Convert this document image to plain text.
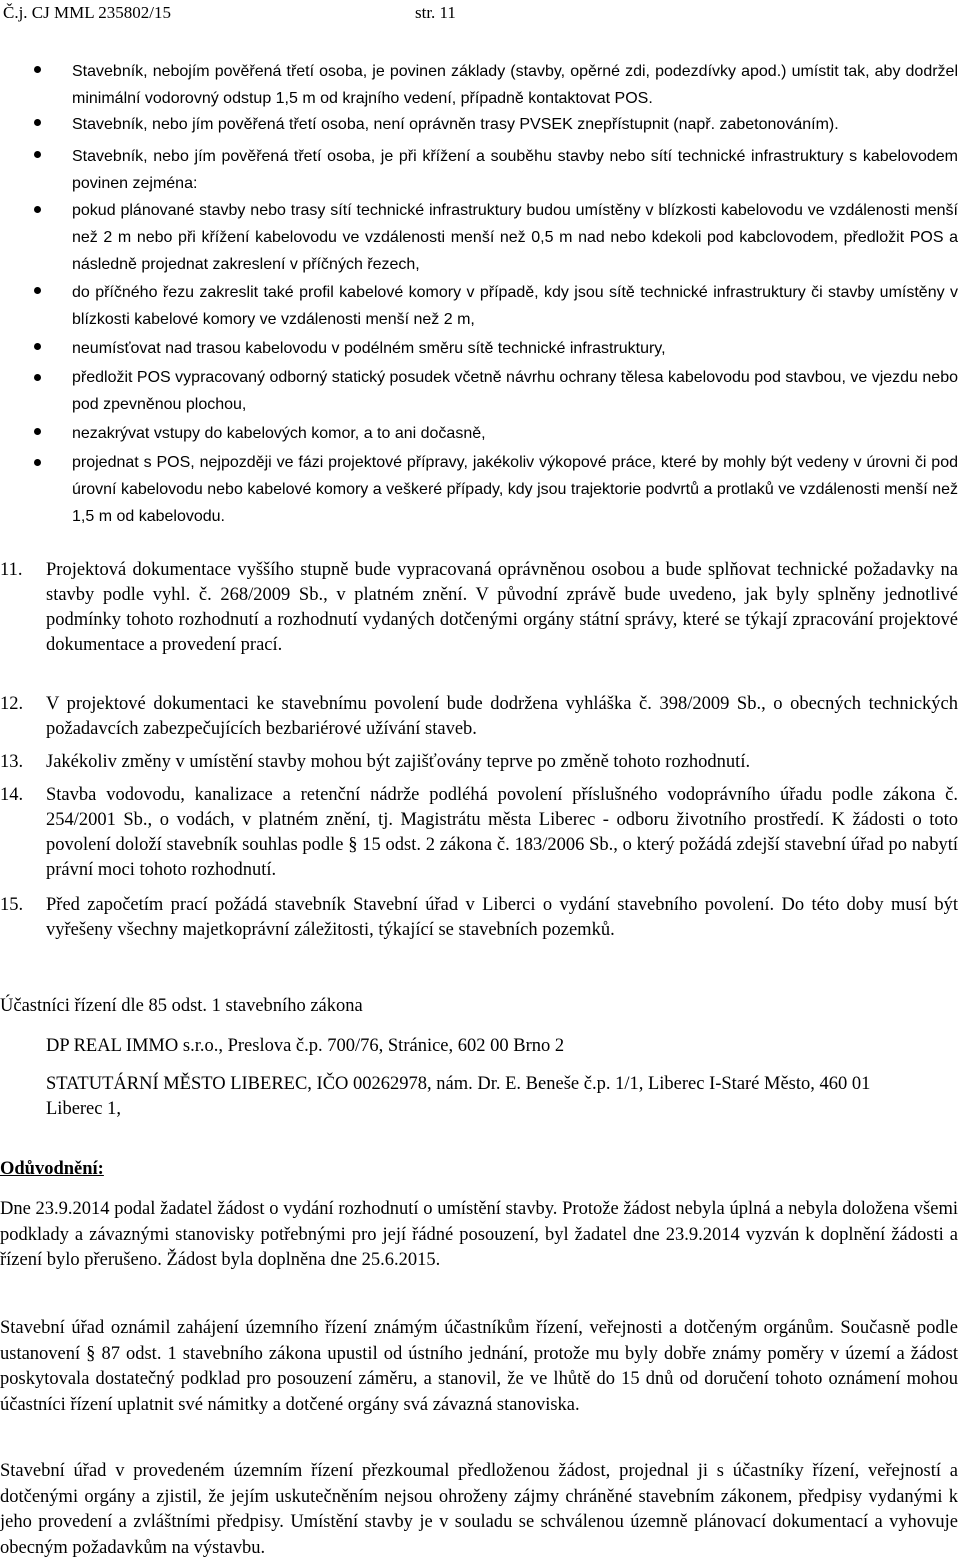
Č.j. CJ MML 235802/15	str. 11
Stavebník, nebojím pověřená třetí osoba, je povinen základy (stavby, opěrné zdi, podezdívky apod.) umístit tak, aby dodržel minimální vodorovný odstup 1,5 m od krajního vedení, případně kontaktovat POS.
Stavebník, nebo jím pověřená třetí osoba, není oprávněn trasy PVSEK znepřístupnit (např. zabetonováním).
Stavebník, nebo jím pověřená třetí osoba, je při křížení a souběhu stavby nebo sítí technické infrastruktury s kabelovodem povinen zejména:
pokud plánované stavby nebo trasy sítí technické infrastruktury budou umístěny v blízkosti kabelovodu ve vzdálenosti menší než 2 m nebo při křížení kabelovodu ve vzdálenosti menší než 0,5 m nad nebo kdekoli pod kabclovodem, předložit POS a následně projednat zakreslení v příčných řezech,
do příčného řezu zakreslit také profil kabelové komory v případě, kdy jsou sítě technické infrastruktury či stavby umístěny v blízkosti kabelové komory ve vzdálenosti menší než 2 m,
neumísťovat nad trasou kabelovodu v podélném směru sítě technické infrastruktury,
předložit POS vypracovaný odborný statický posudek včetně návrhu ochrany tělesa kabelovodu pod stavbou, ve vjezdu nebo pod zpevněnou plochou,
nezakrývat vstupy do kabelových komor, a to ani dočasně,
projednat s POS, nejpozději ve fázi projektové přípravy, jakékoliv výkopové práce, které by mohly být vedeny v úrovni či pod úrovní kabelovodu nebo kabelové komory a veškeré případy, kdy jsou trajektorie podvrtů a protlaků ve vzdálenosti menší než 1,5 m od kabelovodu.
11. Projektová dokumentace vyššího stupně bude vypracovaná oprávněnou osobou a bude splňovat technické požadavky na stavby podle vyhl. č. 268/2009 Sb., v platném znění. V původní zprávě bude uvedeno, jak byly splněny jednotlivé podmínky tohoto rozhodnutí a rozhodnutí vydaných dotčenými orgány státní správy, které se týkají zpracování projektové dokumentace a provedení prací.
12. V projektové dokumentaci ke stavebnímu povolení bude dodržena vyhláška č. 398/2009 Sb., o obecných technických požadavcích zabezpečujících bezbariérové užívání staveb.
13. Jakékoliv změny v umístění stavby mohou být zajišťovány teprve po změně tohoto rozhodnutí.
14. Stavba vodovodu, kanalizace a retenční nádrže podléhá povolení příslušného vodoprávního úřadu podle zákona č. 254/2001 Sb., o vodách, v platném znění, tj. Magistrátu města Liberec - odboru životního prostředí. K žádosti o toto povolení doloží stavebník souhlas podle § 15 odst. 2 zákona č. 183/2006 Sb., o který požádá zdejší stavební úřad po nabytí právní moci tohoto rozhodnutí.
15. Před započetím prací požádá stavebník Stavební úřad v Liberci o vydání stavebního povolení. Do této doby musí být vyřešeny všechny majetkoprávní záležitosti, týkající se stavebních pozemků.
Účastníci řízení dle 85 odst. 1 stavebního zákona
DP REAL IMMO s.r.o., Preslova č.p. 700/76, Stránice, 602 00 Brno 2
STATUTÁRNÍ MĚSTO LIBEREC, IČO 00262978, nám. Dr. E. Beneše č.p. 1/1, Liberec I-Staré Město, 460 01 Liberec 1,
Odůvodnění:
Dne 23.9.2014 podal žadatel žádost o vydání rozhodnutí o umístění stavby. Protože žádost nebyla úplná a nebyla doložena všemi podklady a závaznými stanovisky potřebnými pro její řádné posouzení, byl žadatel dne 23.9.2014 vyzván k doplnění žádosti a řízení bylo přerušeno. Žádost byla doplněna dne 25.6.2015.
Stavební úřad oznámil zahájení územního řízení známým účastníkům řízení, veřejnosti a dotčeným orgánům. Současně podle ustanovení § 87 odst. 1 stavebního zákona upustil od ústního jednání, protože mu byly dobře známy poměry v území a žádost poskytovala dostatečný podklad pro posouzení záměru, a stanovil, že ve lhůtě do 15 dnů od doručení tohoto oznámení mohou účastníci řízení uplatnit své námitky a dotčené orgány svá závazná stanoviska.
Stavební úřad v provedeném územním řízení přezkoumal předloženou žádost, projednal ji s účastníky řízení, veřejností a dotčenými orgány a zjistil, že jejím uskutečněním nejsou ohroženy zájmy chráněné stavebním zákonem, předpisy vydanými k jeho provedení a zvláštními předpisy. Umístění stavby je v souladu se schválenou územně plánovací dokumentací a vyhovuje obecným požadavkům na výstavbu.
